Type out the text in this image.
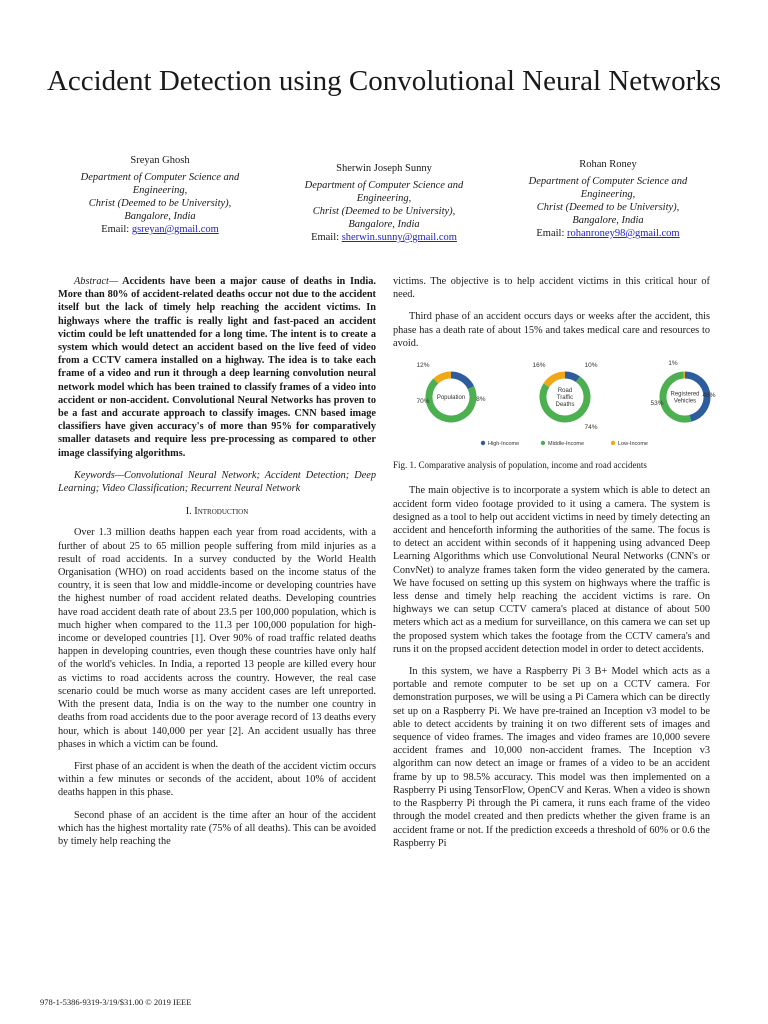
Accident Detection using Convolutional Neural Networks
Sreyan Ghosh
Department of Computer Science and Engineering,
Christ (Deemed to be University),
Bangalore, India
Email: gsreyan@gmail.com
Sherwin Joseph Sunny
Department of Computer Science and Engineering,
Christ (Deemed to be University),
Bangalore, India
Email: sherwin.sunny@gmail.com
Rohan Roney
Department of Computer Science and Engineering,
Christ (Deemed to be University),
Bangalore, India
Email: rohanroney98@gmail.com

Abstract— Accidents have been a major cause of deaths in India. More than 80% of accident-related deaths occur not due to the accident itself but the lack of timely help reaching the accident victims. In highways where the traffic is really light and fast-paced an accident victim could be left unattended for a long time. The intent is to create a system which would detect an accident based on the live feed of video from a CCTV camera installed on a highway. The idea is to take each frame of a video and run it through a deep learning convolution neural network model which has been trained to classify frames of a video into accident or non-accident. Convolutional Neural Networks has proven to be a fast and accurate approach to classify images. CNN based image classifiers have given accuracy's of more than 95% for comparatively smaller datasets and require less pre-processing as compared to other image classifying algorithms.

Keywords—Convolutional Neural Network; Accident Detection; Deep Learning; Video Classification; Recurrent Neural Network

I. Introduction

Over 1.3 million deaths happen each year from road accidents, with a further of about 25 to 65 million people suffering from mild injuries as a result of road accidents. In a survey conducted by the World Health Organisation (WHO) on road accidents based on the income status of the country, it is seen that low and middle-income or developing countries have the highest number of road accident related deaths. Developing countries have road accident death rate of about 23.5 per 100,000 population, which is much higher when compared to the 11.3 per 100,000 population for high-income or developed countries [1]. Over 90% of road traffic related deaths happen in developing countries, even though these countries have only half of the world's vehicles. In India, a reported 13 people are killed every hour as victims to road accidents across the country. However, the real case scenario could be much worse as many accident cases are left unreported. With the present data, India is on the way to the number one country in deaths from road accidents due to the poor average record of 13 deaths every hour, which is about 140,000 per year [2]. An accident usually has three phases in which a victim can be found.

First phase of an accident is when the death of the accident victim occurs within a few minutes or seconds of the accident, about 10% of accident deaths happen in this phase.

Second phase of an accident is the time after an hour of the accident which has the highest mortality rate (75% of all deaths). This can be avoided by timely help reaching the

victims. The objective is to help accident victims in this critical hour of need.

Third phase of an accident occurs days or weeks after the accident, this phase has a death rate of about 15% and takes medical care and resources to avoid.

18%
70%
12%
Population
10%
74%
16%
Road
Traffic
Deaths
46%
53%
1%
Registered
Vehicles
High-Income	Middle-Income	Low-Income

Fig. 1. Comparative analysis of population, income and road accidents

The main objective is to incorporate a system which is able to detect an accident form video footage provided to it using a camera. The system is designed as a tool to help out accident victims in need by timely detecting an accident and henceforth informing the authorities of the same. The focus is to detect an accident within seconds of it happening using advanced Deep Learning Algorithms which use Convolutional Neural Networks (CNN's or ConvNet) to analyze frames taken form the video generated by the camera. We have focused on setting up this system on highways where the traffic is less dense and timely help reaching the accident victims is rare. On highways we can setup CCTV camera's placed at distance of about 500 meters which act as a medium for surveillance, on this camera we can set up the proposed system which takes the footage from the CCTV camera's and runs it on the propsed accident detection model in order to detect accidents.

In this system, we have a Raspberry Pi 3 B+ Model which acts as a portable and remote computer to be set up on a CCTV camera. For demonstration purposes, we will be using a Pi Camera which can be directly set up on a Raspberry Pi. We have pre-trained an Inception v3 model to be able to detect accidents by training it on two different sets of images and sequence of video frames. The images and video frames are 10,000 severe accident frames and 10,000 non-accident frames. The Inception v3 algorithm can now detect an image or frames of a video to be an accident frame by up to 98.5% accuracy. This model was then implemented on a Raspberry Pi using TensorFlow, OpenCV and Keras. When a video is shown to the Raspberry Pi through the Pi camera, it runs each frame of the video through the model created and then predicts whether the given frame is an accident frame or not. If the prediction exceeds a threshold of 60% or 0.6 the Raspberry Pi

978-1-5386-9319-3/19/$31.00 © 2019 IEEE
